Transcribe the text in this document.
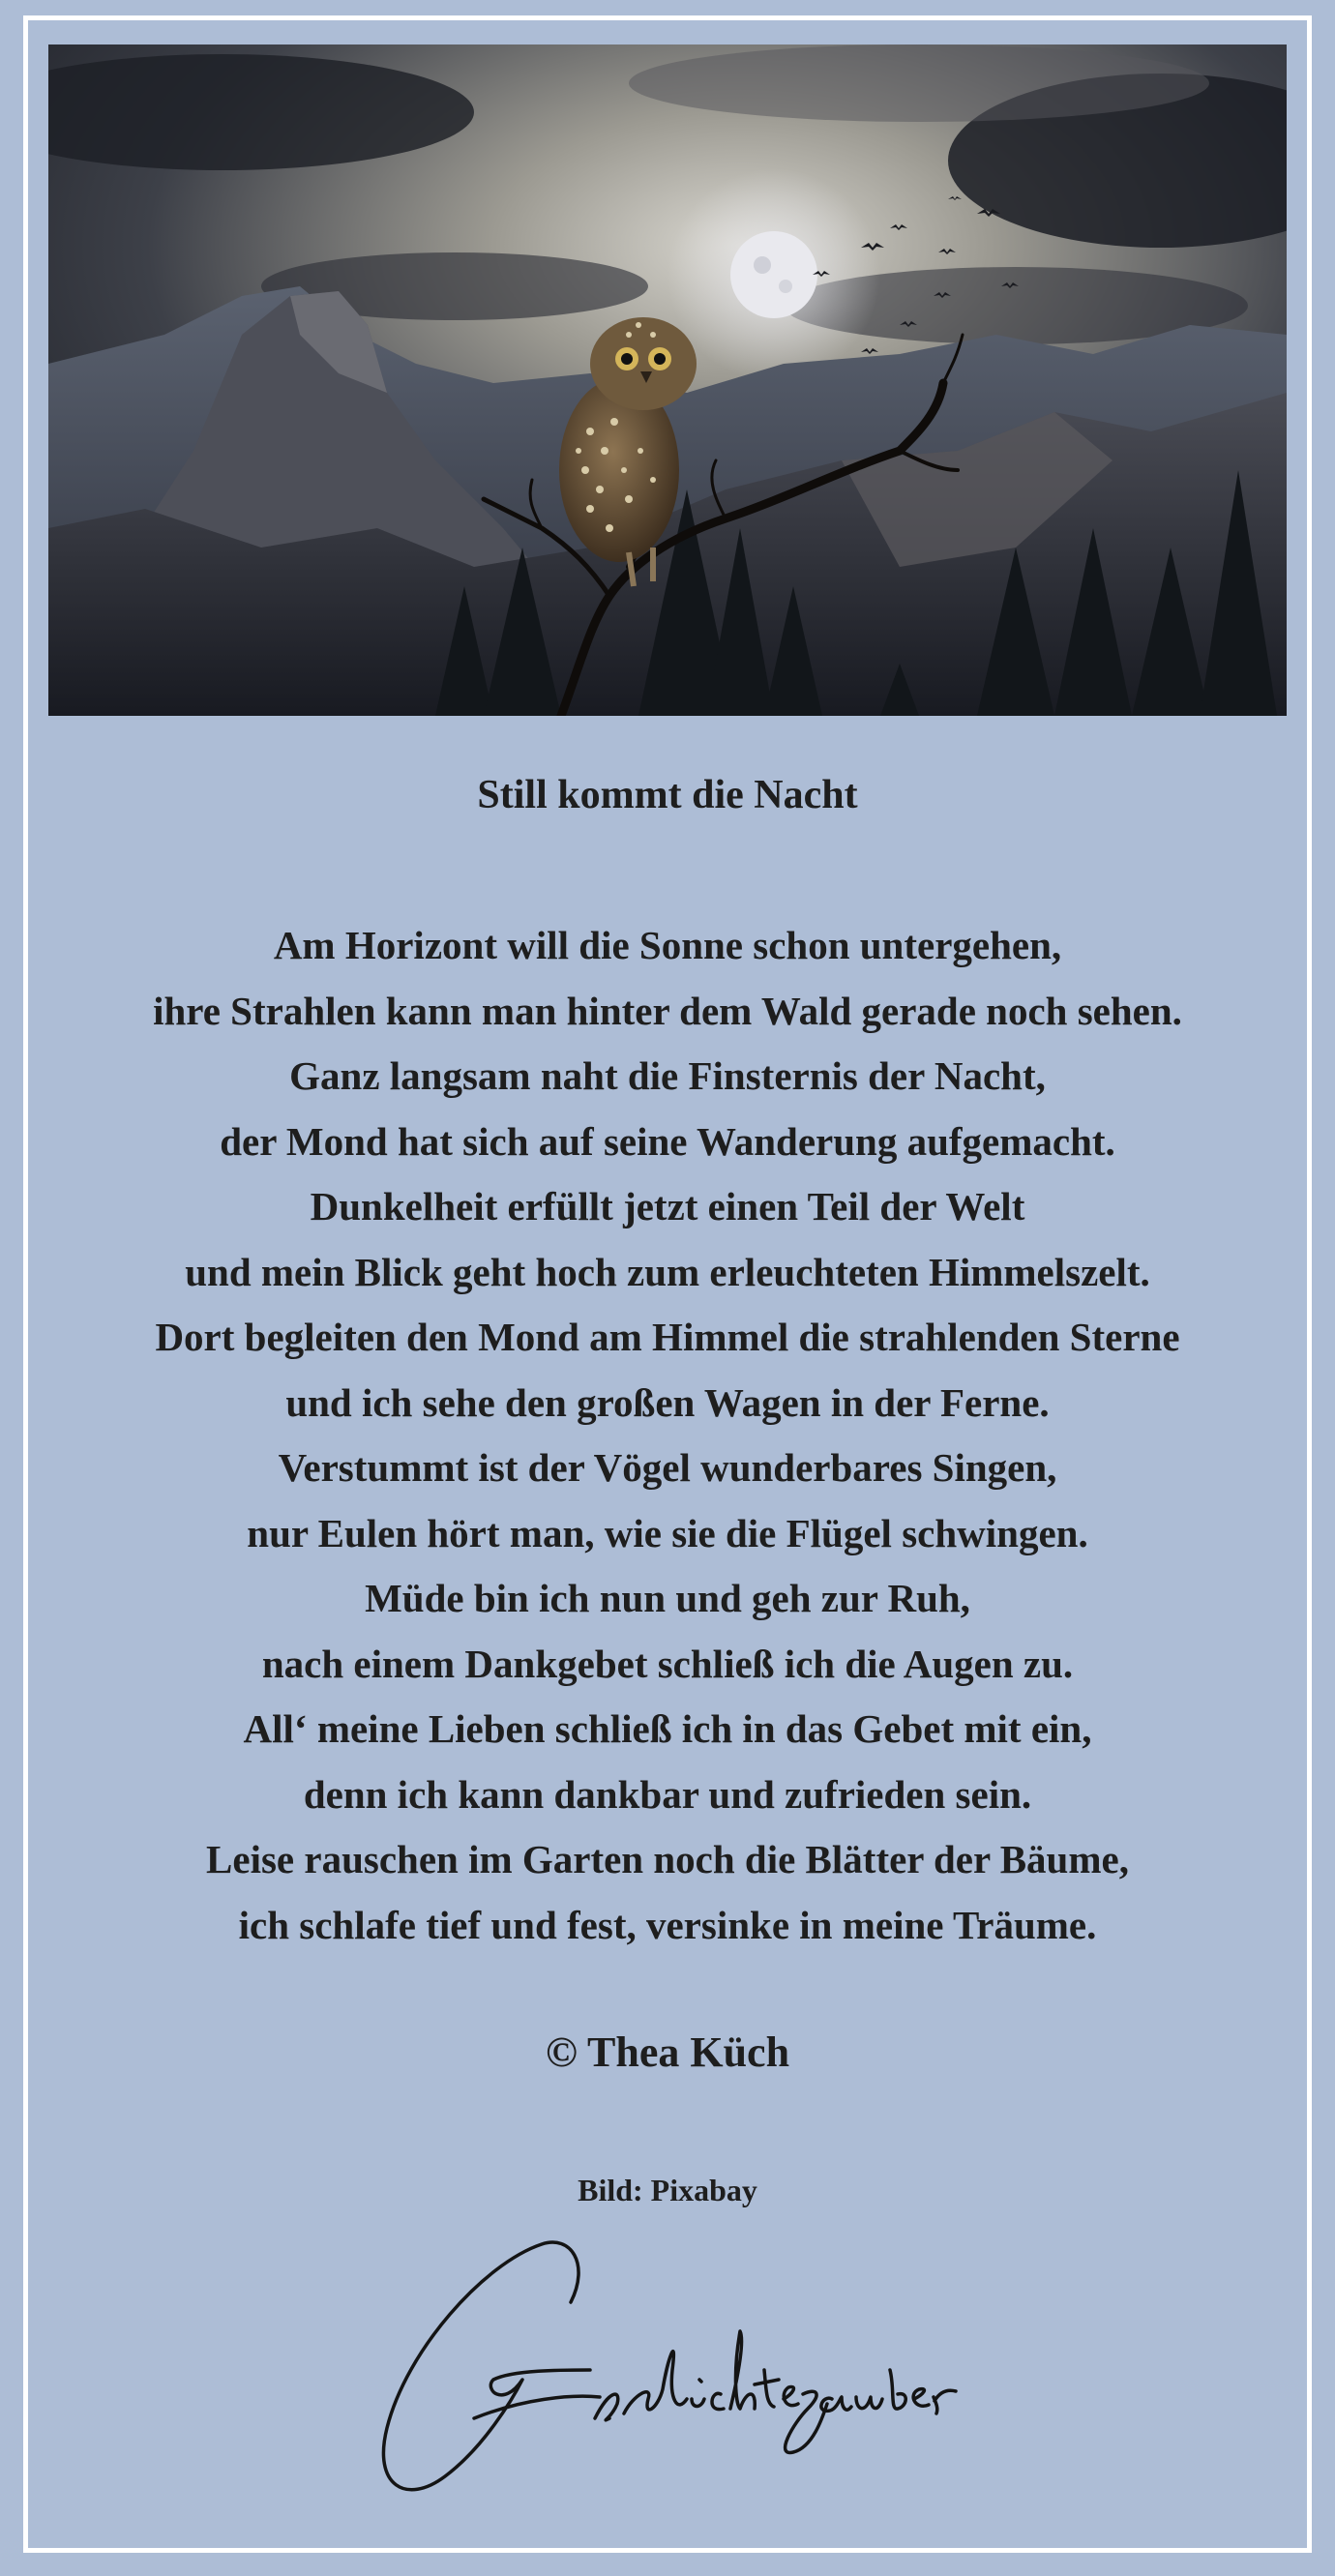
Still kommt die Nacht
Am Horizont will die Sonne schon untergehen,
ihre Strahlen kann man hinter dem Wald gerade noch sehen.
Ganz langsam naht die Finsternis der Nacht,
der Mond hat sich auf seine Wanderung aufgemacht.
Dunkelheit erfüllt jetzt einen Teil der Welt
und mein Blick geht hoch zum erleuchteten Himmelszelt.
Dort begleiten den Mond am Himmel die strahlenden Sterne
und ich sehe den großen Wagen in der Ferne.
Verstummt ist der Vögel wunderbares Singen,
nur Eulen hört man, wie sie die Flügel schwingen.
Müde bin ich nun und geh zur Ruh,
nach einem Dankgebet schließ ich die Augen zu.
All‘ meine Lieben schließ ich in das Gebet mit ein,
denn ich kann dankbar und zufrieden sein.
Leise rauschen im Garten noch die Blätter der Bäume,
ich schlafe tief und fest, versinke in meine Träume.
© Thea Küch
Bild: Pixabay
